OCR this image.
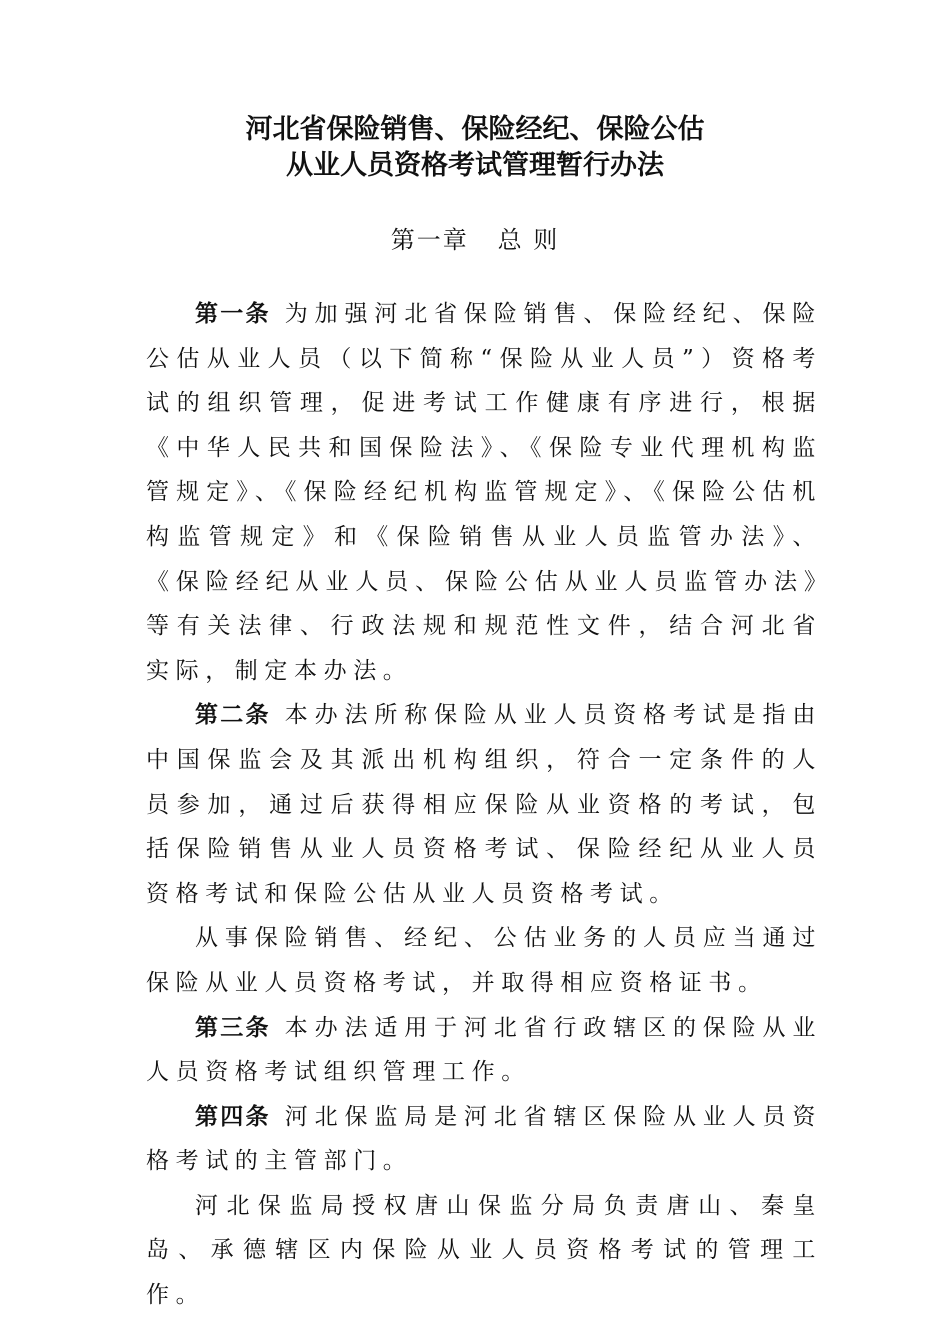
河北省保险销售、保险经纪、保险公估
从业人员资格考试管理暂行办法
第一章   总 则

第一条 为加强河北省保险销售、保险经纪、保险公估从业人员（以下简称“保险从业人员”）资格考试的组织管理，促进考试工作健康有序进行，根据《中华人民共和国保险法》、《保险专业代理机构监管规定》、《保险经纪机构监管规定》、《保险公估机构监管规定》和《保险销售从业人员监管办法》、《保险经纪从业人员、保险公估从业人员监管办法》等有关法律、行政法规和规范性文件，结合河北省实际，制定本办法。

第二条 本办法所称保险从业人员资格考试是指由中国保监会及其派出机构组织，符合一定条件的人员参加，通过后获得相应保险从业资格的考试，包括保险销售从业人员资格考试、保险经纪从业人员资格考试和保险公估从业人员资格考试。

从事保险销售、经纪、公估业务的人员应当通过保险从业人员资格考试，并取得相应资格证书。

第三条 本办法适用于河北省行政辖区的保险从业人员资格考试组织管理工作。

第四条 河北保监局是河北省辖区保险从业人员资格考试的主管部门。

河北保监局授权唐山保监分局负责唐山、秦皇岛、承德辖区内保险从业人员资格考试的管理工作。
